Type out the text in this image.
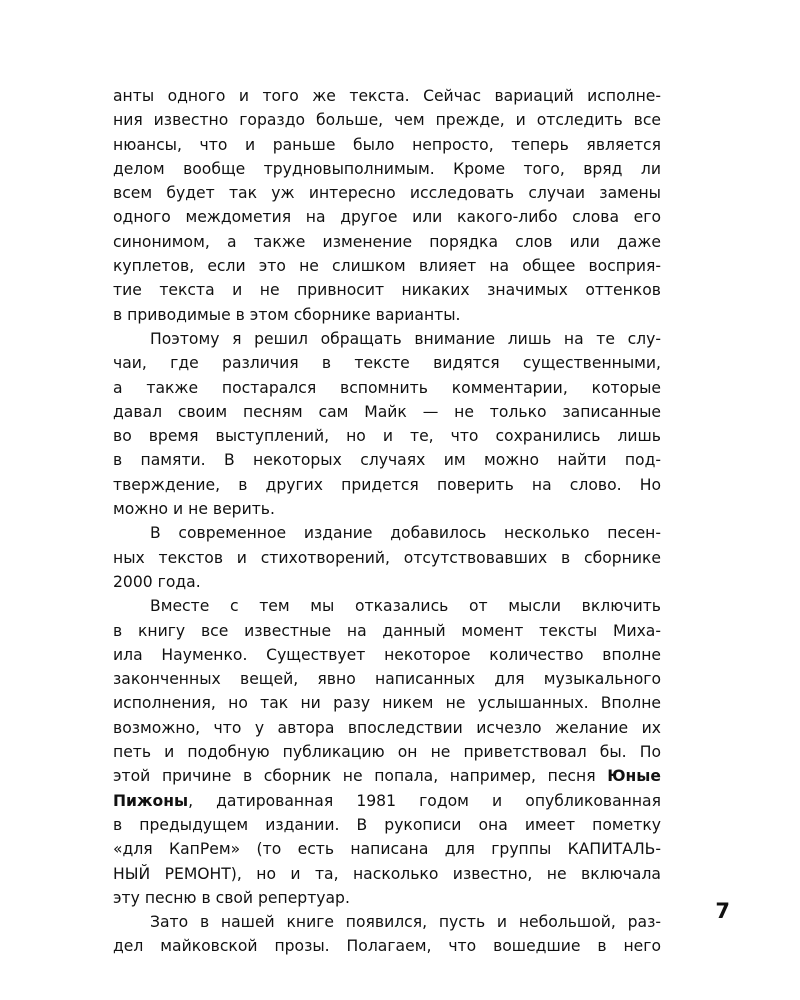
анты одного и того же текста. Сейчас вариаций исполне-
ния известно гораздо больше, чем прежде, и отследить все
нюансы, что и раньше было непросто, теперь является
делом вообще трудновыполнимым. Кроме того, вряд ли
всем будет так уж интересно исследовать случаи замены
одного междометия на другое или какого-либо слова его
синонимом, а также изменение порядка слов или даже
куплетов, если это не слишком влияет на общее восприя-
тие текста и не привносит никаких значимых оттенков
в приводимые в этом сборнике варианты.
Поэтому я решил обращать внимание лишь на те слу-
чаи, где различия в тексте видятся существенными,
а также постарался вспомнить комментарии, которые
давал своим песням сам Майк — не только записанные
во время выступлений, но и те, что сохранились лишь
в памяти. В некоторых случаях им можно найти под-
тверждение, в других придется поверить на слово. Но
можно и не верить.
В современное издание добавилось несколько песен-
ных текстов и стихотворений, отсутствовавших в сборнике
2000 года.
Вместе с тем мы отказались от мысли включить
в книгу все известные на данный момент тексты Миха-
ила Науменко. Существует некоторое количество вполне
законченных вещей, явно написанных для музыкального
исполнения, но так ни разу никем не услышанных. Вполне
возможно, что у автора впоследствии исчезло желание их
петь и подобную публикацию он не приветствовал бы. По
этой причине в сборник не попала, например, песня Юные
Пижоны, датированная 1981 годом и опубликованная
в предыдущем издании. В рукописи она имеет пометку
«для КапРем» (то есть написана для группы КАПИТАЛЬ-
НЫЙ РЕМОНТ), но и та, насколько известно, не включала
эту песню в свой репертуар.
Зато в нашей книге появился, пусть и небольшой, раз-
дел майковской прозы. Полагаем, что вошедшие в него
7
